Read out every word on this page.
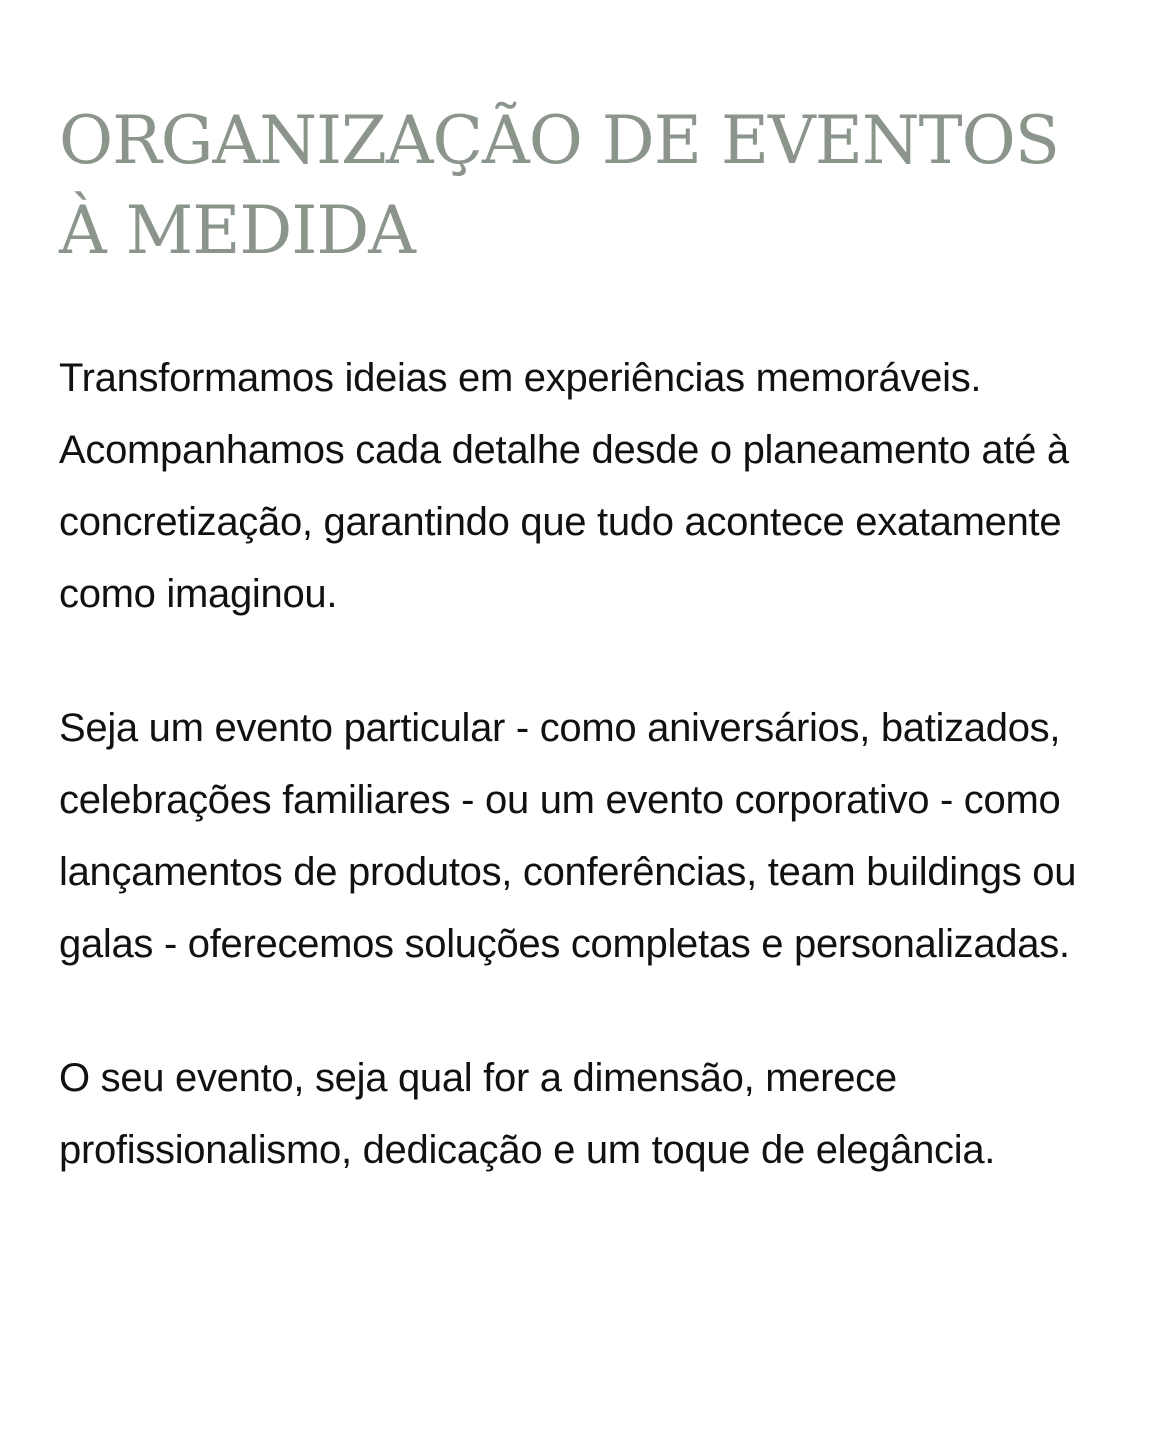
ORGANIZAÇÃO DE EVENTOS À MEDIDA

Transformamos ideias em experiências memoráveis. Acompanhamos cada detalhe desde o planeamento até à concretização, garantindo que tudo acontece exatamente como imaginou.

Seja um evento particular - como aniversários, batizados, celebrações familiares - ou um evento corporativo - como lançamentos de produtos, conferências, team buildings ou galas - oferecemos soluções completas e personalizadas.

O seu evento, seja qual for a dimensão, merece profissionalismo, dedicação e um toque de elegância.
